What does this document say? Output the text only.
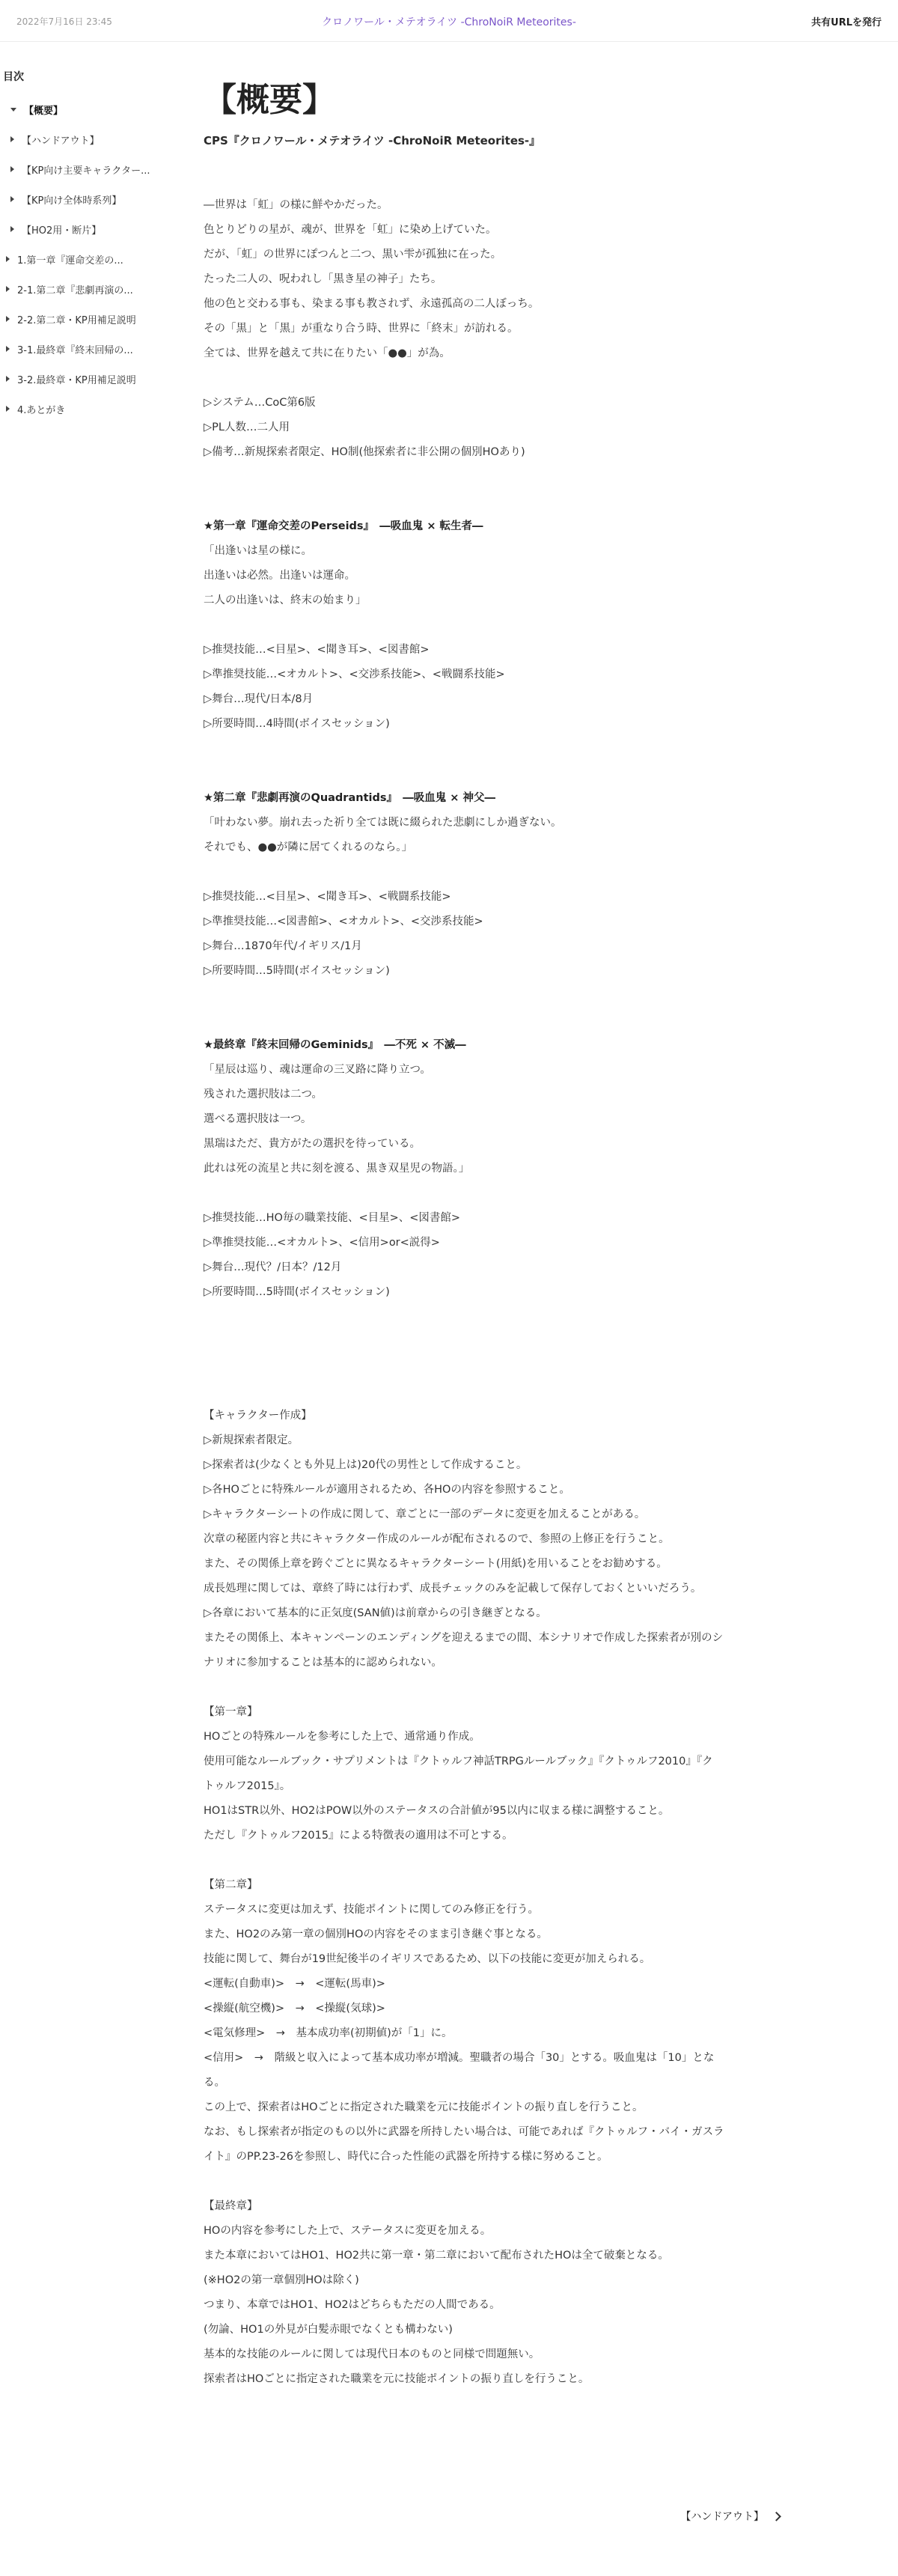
2022年7月16日 23:45	クロノワール・メテオライツ -ChroNoiR Meteorites-	共有URLを発行
目次
【概要】
【ハンドアウト】
【KP向け主要キャラクター...
【KP向け全体時系列】
【HO2用・断片】
1.第一章『運命交差の...
2-1.第二章『悲劇再演の...
2-2.第二章・KP用補足説明
3-1.最終章『終末回帰の...
3-2.最終章・KP用補足説明
4.あとがき
【概要】

CPS『クロノワール・メテオライツ -ChroNoiR Meteorites-』

―世界は「虹」の様に鮮やかだった。

色とりどりの星が、魂が、世界を「虹」に染め上げていた。

だが、「虹」の世界にぽつんと二つ、黒い雫が孤独に在った。

たった二人の、呪われし「黒き星の神子」たち。

他の色と交わる事も、染まる事も教されず、永遠孤高の二人ぼっち。

その「黒」と「黒」が重なり合う時、世界に「終末」が訪れる。

全ては、世界を越えて共に在りたい「●●」が為。

▷システム…CoC第6版

▷PL人数…二人用

▷備考…新規探索者限定、HO制(他探索者に非公開の個別HOあり)

★第一章『運命交差のPerseids』　―吸血鬼 × 転生者―

「出逢いは星の様に。

出逢いは必然。出逢いは運命。

二人の出逢いは、終末の始まり」

▷推奨技能…<目星>、<聞き耳>、<図書館>

▷準推奨技能…<オカルト>、<交渉系技能>、<戦闘系技能>

▷舞台…現代/日本/8月

▷所要時間…4時間(ボイスセッション)

★第二章『悲劇再演のQuadrantids』　―吸血鬼 × 神父―

「叶わない夢。崩れ去った祈り全ては既に綴られた悲劇にしか過ぎない。

それでも、●●が隣に居てくれるのなら。」

▷推奨技能…<目星>、<聞き耳>、<戦闘系技能>

▷準推奨技能…<図書館>、<オカルト>、<交渉系技能>

▷舞台…1870年代/イギリス/1月

▷所要時間…5時間(ボイスセッション)

★最終章『終末回帰のGeminids』　―不死 × 不滅―

「星辰は巡り、魂は運命の三叉路に降り立つ。

残された選択肢は二つ。

選べる選択肢は一つ。

黒瑞はただ、貴方がたの選択を待っている。

此れは死の流星と共に刻を渡る、黒き双星児の物語。」

▷推奨技能…HO毎の職業技能、<目星>、<図書館>

▷準推奨技能…<オカルト>、<信用>or<説得>

▷舞台…現代？/日本？/12月

▷所要時間…5時間(ボイスセッション)

【キャラクター作成】

▷新規探索者限定。

▷探索者は(少なくとも外見上は)20代の男性として作成すること。

▷各HOごとに特殊ルールが適用されるため、各HOの内容を参照すること。

▷キャラクターシートの作成に関して、章ごとに一部のデータに変更を加えることがある。

次章の秘匿内容と共にキャラクター作成のルールが配布されるので、参照の上修正を行うこと。

また、その関係上章を跨ぐごとに異なるキャラクターシート(用紙)を用いることをお勧めする。

成長処理に関しては、章終了時には行わず、成長チェックのみを記載して保存しておくといいだろう。

▷各章において基本的に正気度(SAN値)は前章からの引き継ぎとなる。

またその関係上、本キャンペーンのエンディングを迎えるまでの間、本シナリオで作成した探索者が別のシ
ナリオに参加することは基本的に認められない。

【第一章】

HOごとの特殊ルールを参考にした上で、通常通り作成。

使用可能なルールブック・サプリメントは『クトゥルフ神話TRPGルールブック』『クトゥルフ2010』『ク
トゥルフ2015』。

HO1はSTR以外、HO2はPOW以外のステータスの合計値が95以内に収まる様に調整すること。

ただし『クトゥルフ2015』による特徴表の適用は不可とする。

【第二章】

ステータスに変更は加えず、技能ポイントに関してのみ修正を行う。

また、HO2のみ第一章の個別HOの内容をそのまま引き継ぐ事となる。

技能に関して、舞台が19世紀後半のイギリスであるため、以下の技能に変更が加えられる。

<運転(自動車)>　→　<運転(馬車)>

<操縦(航空機)>　→　<操縦(気球)>

<電気修理>　→　基本成功率(初期値)が「1」に。

<信用>　→　階級と収入によって基本成功率が増減。聖職者の場合「30」とする。吸血鬼は「10」とな
る。

この上で、探索者はHOごとに指定された職業を元に技能ポイントの振り直しを行うこと。

なお、もし探索者が指定のもの以外に武器を所持したい場合は、可能であれば『クトゥルフ・バイ・ガスラ
イト』のPP.23-26を参照し、時代に合った性能の武器を所持する様に努めること。

【最終章】

HOの内容を参考にした上で、ステータスに変更を加える。

また本章においてはHO1、HO2共に第一章・第二章において配布されたHOは全て破棄となる。

(※HO2の第一章個別HOは除く)

つまり、本章ではHO1、HO2はどちらもただの人間である。

(勿論、HO1の外見が白髪赤眼でなくとも構わない)

基本的な技能のルールに関しては現代日本のものと同様で問題無い。

探索者はHOごとに指定された職業を元に技能ポイントの振り直しを行うこと。

【ハンドアウト】
